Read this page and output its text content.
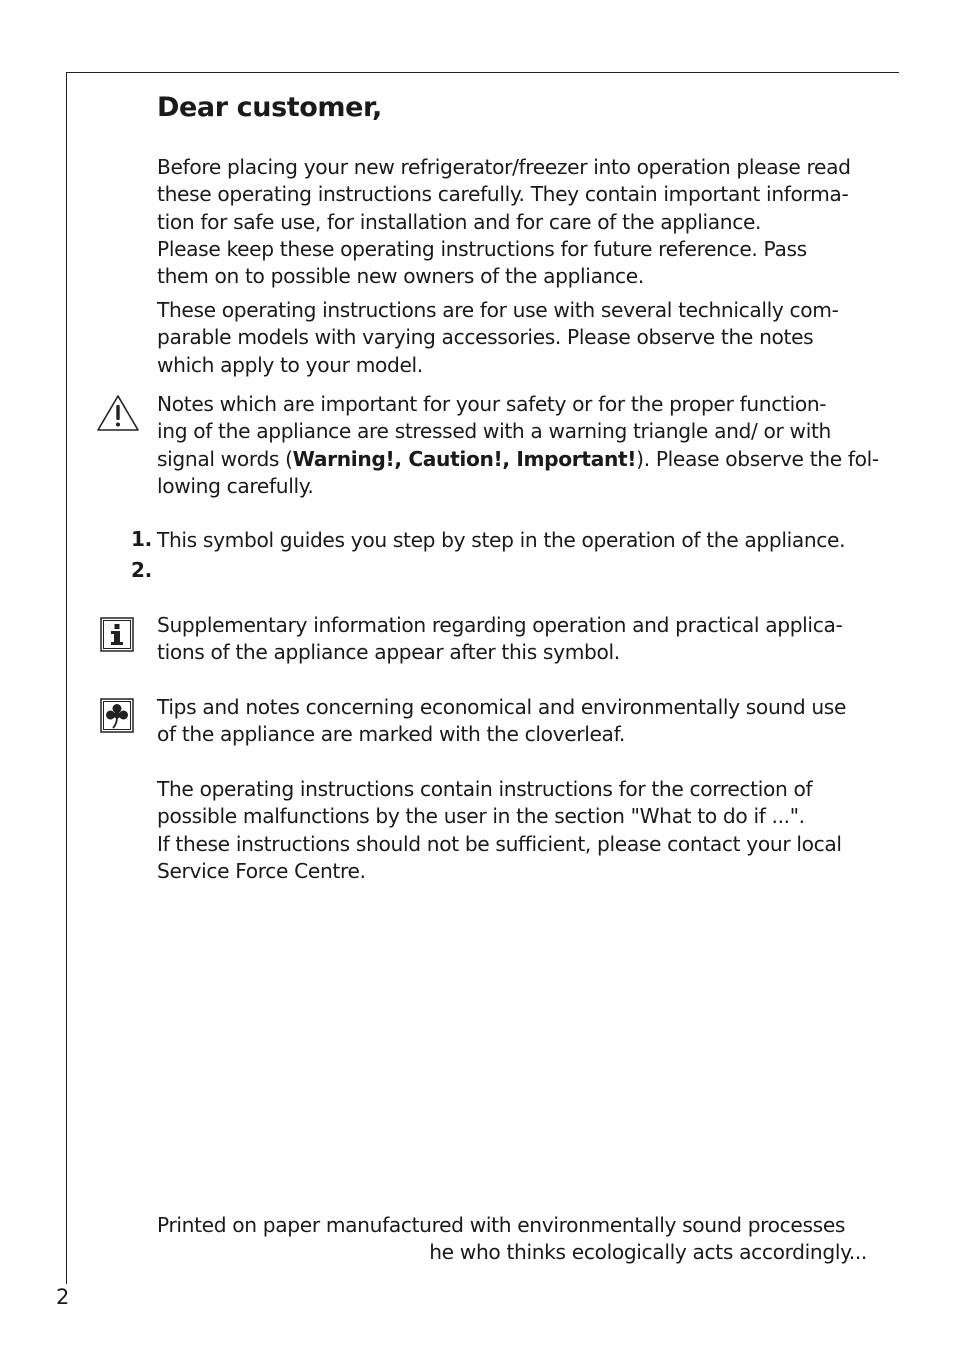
Dear customer,
Before placing your new refrigerator/freezer into operation please read
these operating instructions carefully. They contain important informa-
tion for safe use, for installation and for care of the appliance.
Please keep these operating instructions for future reference. Pass
them on to possible new owners of the appliance.
These operating instructions are for use with several technically com-
parable models with varying accessories. Please observe the notes
which apply to your model.
Notes which are important for your safety or for the proper function-
ing of the appliance are stressed with a warning triangle and/ or with
signal words (Warning!, Caution!, Important!). Please observe the fol-
lowing carefully.
1. This symbol guides you step by step in the operation of the appliance.
2.
Supplementary information regarding operation and practical applica-
tions of the appliance appear after this symbol.
Tips and notes concerning economical and environmentally sound use
of the appliance are marked with the cloverleaf.
The operating instructions contain instructions for the correction of
possible malfunctions by the user in the section "What to do if ...".
If these instructions should not be sufficient, please contact your local
Service Force Centre.
Printed on paper manufactured with environmentally sound processes
he who thinks ecologically acts accordingly...
2
